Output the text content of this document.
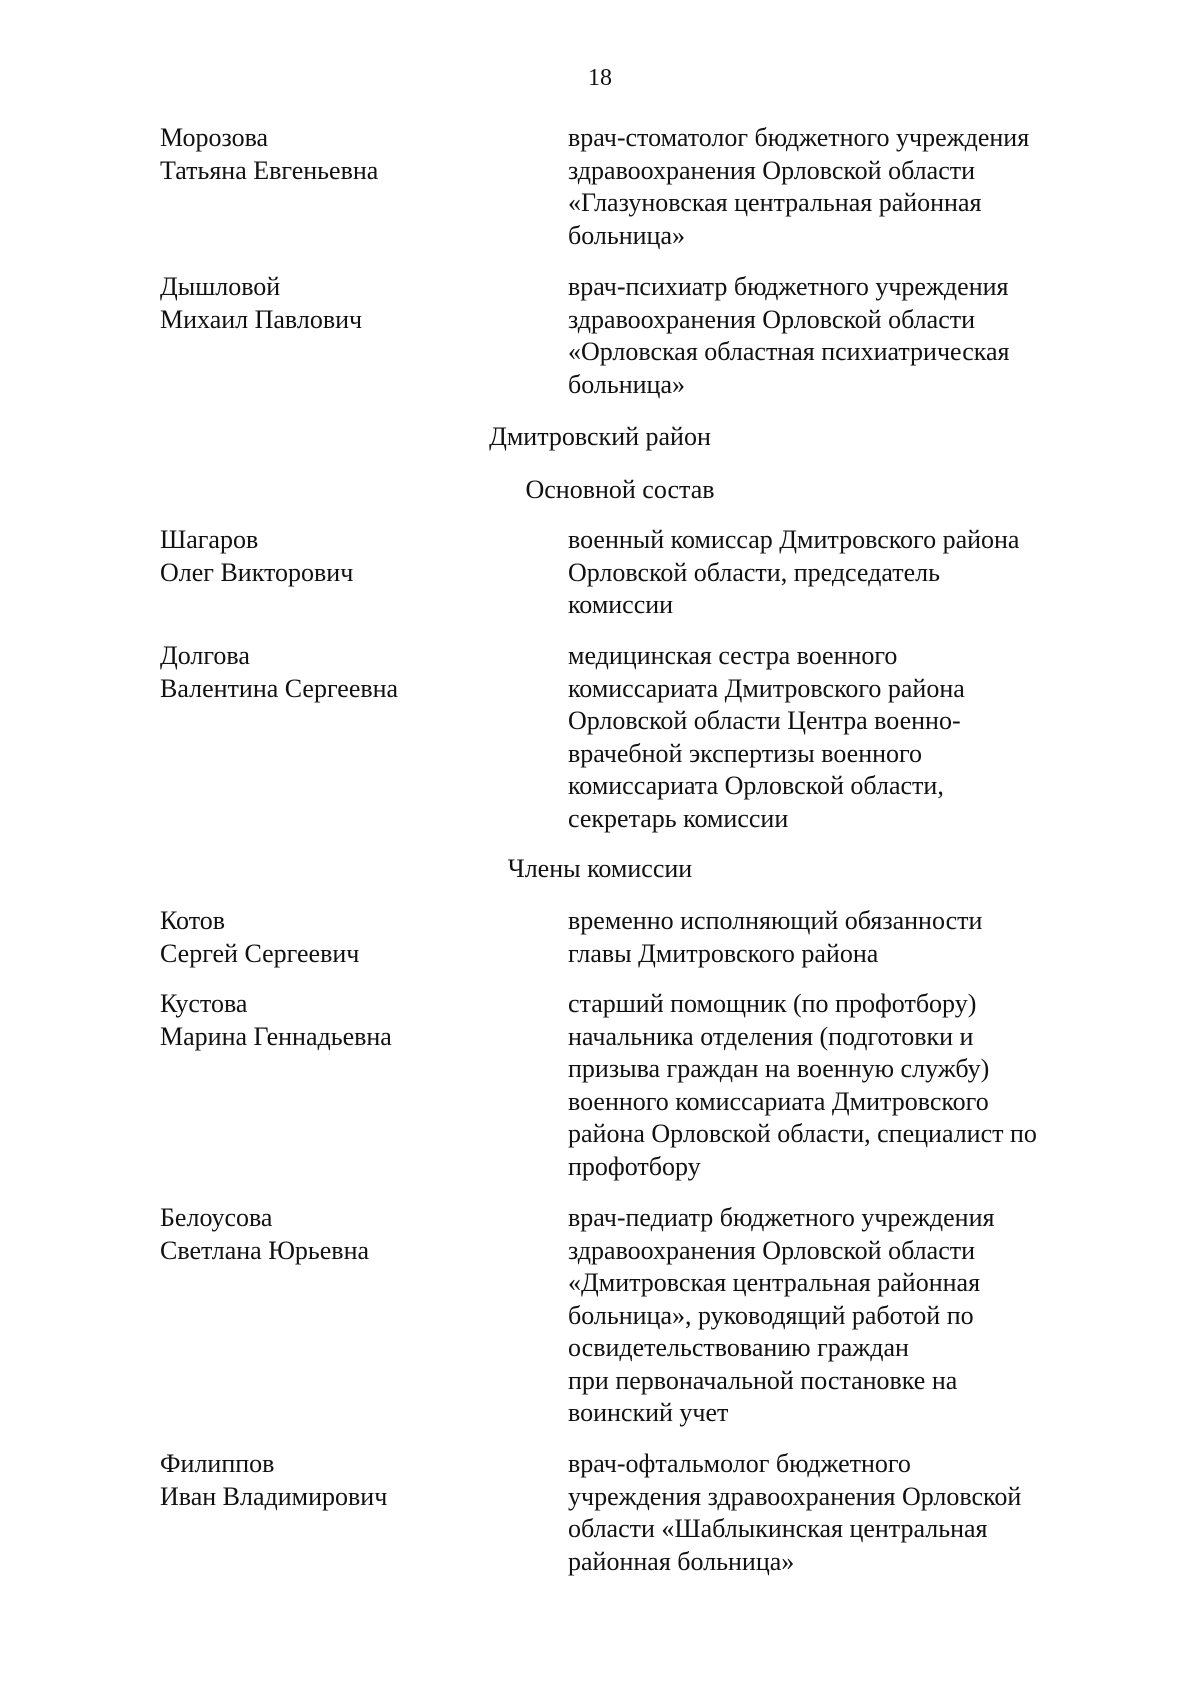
18
Морозова
Татьяна Евгеньевна
врач-стоматолог бюджетного учреждения
здравоохранения Орловской области
«Глазуновская центральная районная
больница»
Дышловой
Михаил Павлович
врач-психиатр бюджетного учреждения
здравоохранения Орловской области
«Орловская областная психиатрическая
больница»
Дмитровский район
Основной состав
Шагаров
Олег Викторович
военный комиссар Дмитровского района
Орловской области, председатель
комиссии
Долгова
Валентина Сергеевна
медицинская сестра военного
комиссариата Дмитровского района
Орловской области Центра военно-
врачебной экспертизы военного
комиссариата Орловской области,
секретарь комиссии
Члены комиссии
Котов
Сергей Сергеевич
временно исполняющий обязанности
главы Дмитровского района
Кустова
Марина Геннадьевна
старший помощник (по профотбору)
начальника отделения (подготовки и
призыва граждан на военную службу)
военного комиссариата Дмитровского
района Орловской области, специалист по
профотбору
Белоусова
Светлана Юрьевна
врач-педиатр бюджетного учреждения
здравоохранения Орловской области
«Дмитровская центральная районная
больница», руководящий работой по
освидетельствованию граждан
при первоначальной постановке на
воинский учет
Филиппов
Иван Владимирович
врач-офтальмолог бюджетного
учреждения здравоохранения Орловской
области «Шаблыкинская центральная
районная больница»
